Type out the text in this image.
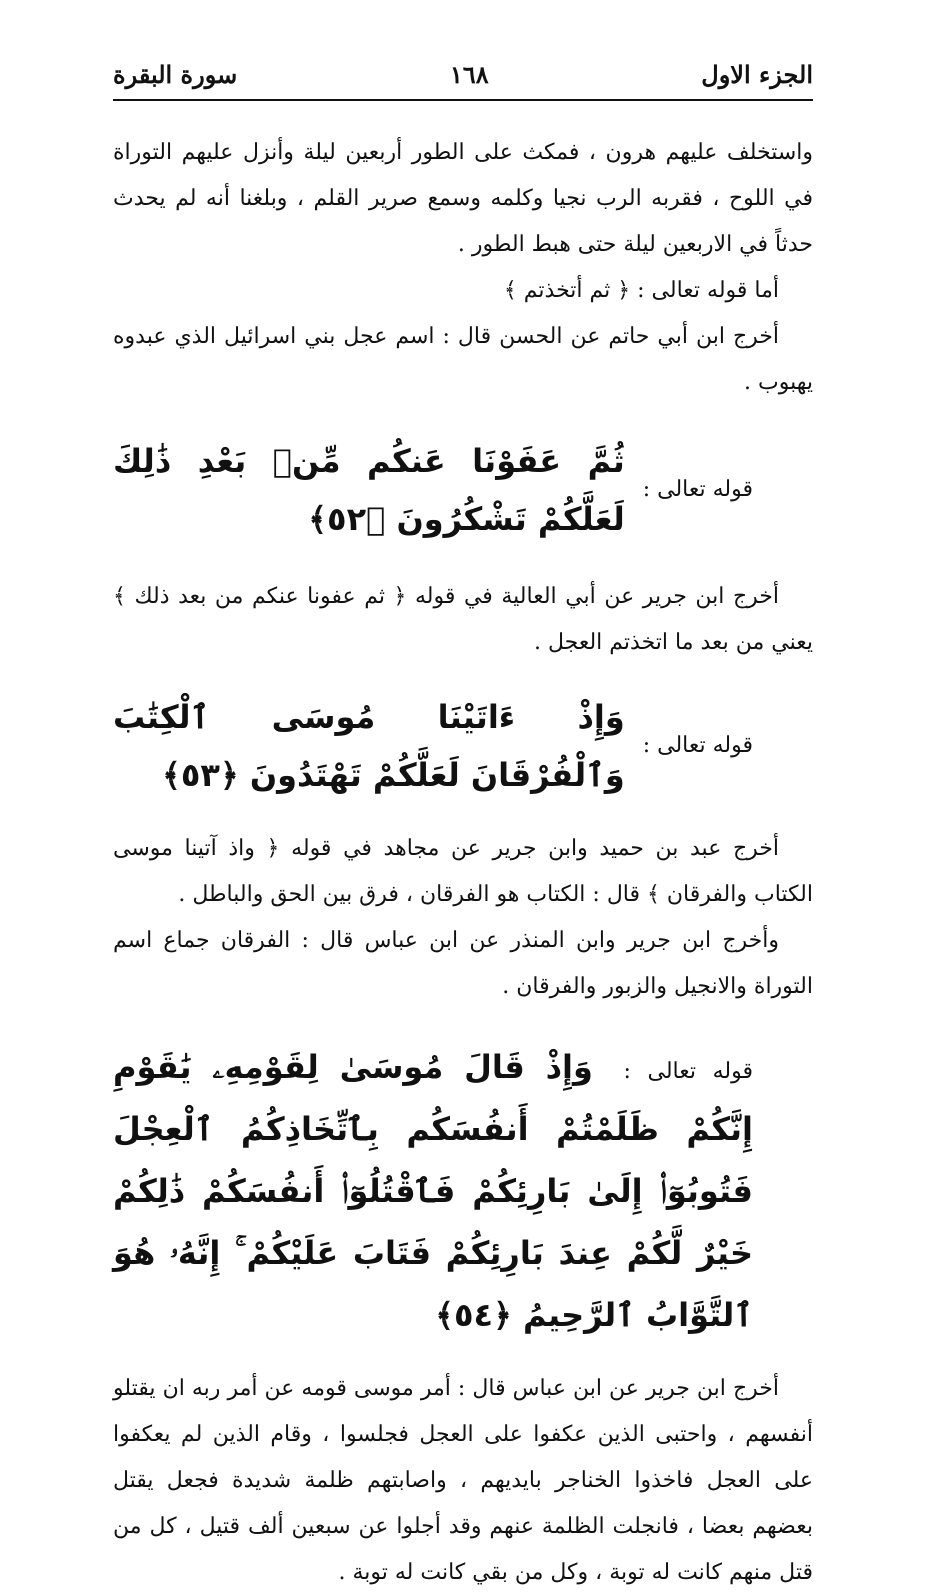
الجزء الاول
١٦٨
سورة البقرة

واستخلف عليهم هرون ، فمكث على الطور أربعين ليلة وأنزل عليهم التوراة في اللوح ، فقربه الرب نجيا وكلمه وسمع صرير القلم ، وبلغنا أنه لم يحدث حدثاً في الاربعين ليلة حتى هبط الطور .

أما قوله تعالى : ﴿ ثم أتخذتم ﴾

أخرج ابن أبي حاتم عن الحسن قال : اسم عجل بني اسرائيل الذي عبدوه يهبوب .

قوله تعالى :
ثُمَّ عَفَوْنَا عَنكُم مِّنۢ بَعْدِ ذَٰلِكَ لَعَلَّكُمْ تَشْكُرُونَ ﴿٥٢﴾

أخرج ابن جرير عن أبي العالية في قوله ﴿ ثم عفونا عنكم من بعد ذلك ﴾ يعني من بعد ما اتخذتم العجل .

قوله تعالى :
وَإِذْ ءَاتَيْنَا مُوسَى ٱلْكِتَٰبَ وَٱلْفُرْقَانَ لَعَلَّكُمْ تَهْتَدُونَ ﴿٥٣﴾

أخرج عبد بن حميد وابن جرير عن مجاهد في قوله ﴿ واذ آتينا موسى الكتاب والفرقان ﴾ قال : الكتاب هو الفرقان ، فرق بين الحق والباطل .

وأخرج ابن جرير وابن المنذر عن ابن عباس قال : الفرقان جماع اسم التوراة والانجيل والزبور والفرقان .

قوله تعالى : وَإِذْ قَالَ مُوسَىٰ لِقَوْمِهِۦ يَٰقَوْمِ إِنَّكُمْ ظَلَمْتُمْ أَنفُسَكُم بِٱتِّخَاذِكُمُ ٱلْعِجْلَ فَتُوبُوٓا۟ إِلَىٰ بَارِئِكُمْ فَٱقْتُلُوٓا۟ أَنفُسَكُمْ ذَٰلِكُمْ خَيْرٌ لَّكُمْ عِندَ بَارِئِكُمْ فَتَابَ عَلَيْكُمْ ۚ إِنَّهُۥ هُوَ ٱلتَّوَّابُ ٱلرَّحِيمُ ﴿٥٤﴾

أخرج ابن جرير عن ابن عباس قال : أمر موسى قومه عن أمر ربه ان يقتلو أنفسهم ، واحتبى الذين عكفوا على العجل فجلسوا ، وقام الذين لم يعكفوا على العجل فاخذوا الخناجر بايديهم ، واصابتهم ظلمة شديدة فجعل يقتل بعضهم بعضا ، فانجلت الظلمة عنهم وقد أجلوا عن سبعين ألف قتيل ، كل من قتل منهم كانت له توبة ، وكل من بقي كانت له توبة .
